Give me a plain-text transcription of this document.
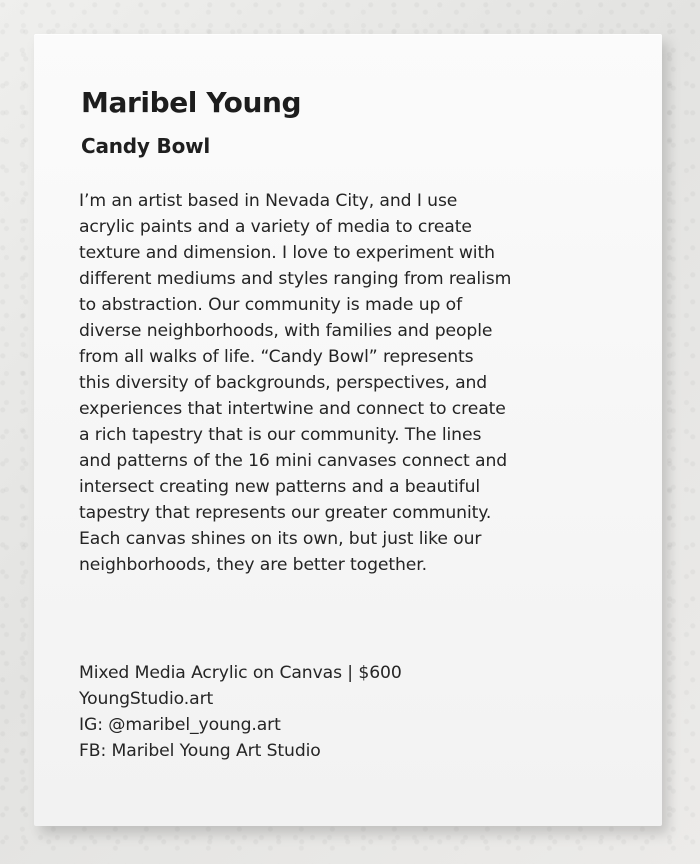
Maribel Young
Candy Bowl

I’m an artist based in Nevada City, and I use
acrylic paints and a variety of media to create
texture and dimension. I love to experiment with
different mediums and styles ranging from realism
to abstraction. Our community is made up of
diverse neighborhoods, with families and people
from all walks of life. “Candy Bowl” represents
this diversity of backgrounds, perspectives, and
experiences that intertwine and connect to create
a rich tapestry that is our community. The lines
and patterns of the 16 mini canvases connect and
intersect creating new patterns and a beautiful
tapestry that represents our greater community.
Each canvas shines on its own, but just like our
neighborhoods, they are better together.

Mixed Media Acrylic on Canvas | $600
YoungStudio.art
IG: @maribel_young.art
FB: Maribel Young Art Studio
